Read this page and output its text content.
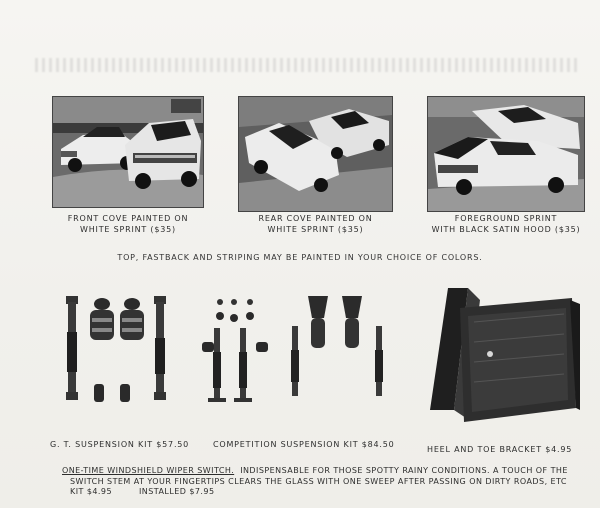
FRONT COVE PAINTED ON
WHITE SPRINT ($35)
REAR COVE PAINTED ON
WHITE SPRINT ($35)
FOREGROUND SPRINT
WITH BLACK SATIN HOOD ($35)
TOP, FASTBACK AND STRIPING MAY BE PAINTED IN YOUR CHOICE OF COLORS.
G. T. SUSPENSION KIT $57.50	COMPETITION SUSPENSION KIT $84.50
HEEL AND TOE BRACKET $4.95
ONE-TIME WINDSHIELD WIPER SWITCH. INDISPENSABLE FOR THOSE SPOTTY RAINY CONDITIONS. A TOUCH OF THE
SWITCH STEM AT YOUR FINGERTIPS CLEARS THE GLASS WITH ONE SWEEP AFTER PASSING ON DIRTY ROADS, ETC
KIT $4.95	INSTALLED $7.95
